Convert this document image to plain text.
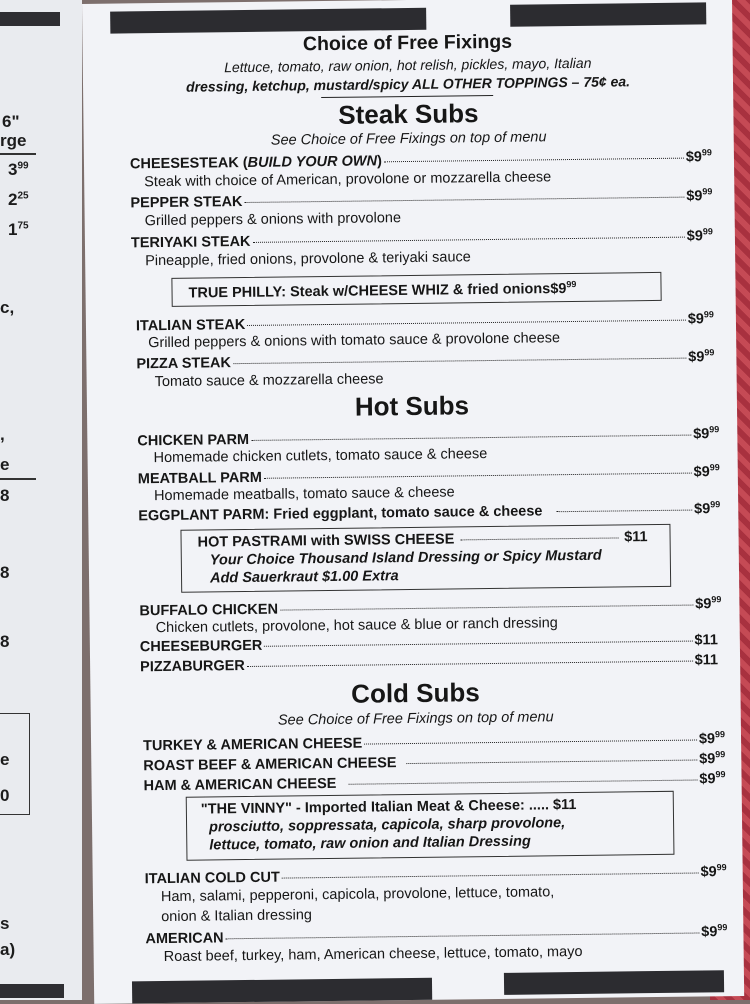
6"
rge
$3^{99}$
$2^{25}$
$1^{75}$
c,
,
e
8
8
8
e
0
s
a)
Choice of Free Fixings
Lettuce, tomato, raw onion, hot relish, pickles, mayo, Italian
dressing, ketchup, mustard/spicy ALL OTHER TOPPINGS – 75¢ ea.
Steak Subs
See Choice of Free Fixings on top of menu
CHEESESTEAK (BUILD YOUR OWN)	$\$9^{99}$
Steak with choice of American, provolone or mozzarella cheese
PEPPER STEAK	$\$9^{99}$
Grilled peppers & onions with provolone
TERIYAKI STEAK	$\$9^{99}$
Pineapple, fried onions, provolone & teriyaki sauce
TRUE PHILLY: Steak w/CHEESE WHIZ & fried $onions\$9^{99}$
ITALIAN STEAK	$\$9^{99}$
Grilled peppers & onions with tomato sauce & provolone cheese
PIZZA STEAK	$\$9^{99}$
Tomato sauce & mozzarella cheese
Hot Subs
CHICKEN PARM	$\$9^{99}$
Homemade chicken cutlets, tomato sauce & cheese
MEATBALL PARM	$\$9^{99}$
Homemade meatballs, tomato sauce & cheese
EGGPLANT PARM: Fried eggplant, tomato sauce & cheese	$\$9^{99}$
HOT PASTRAMI with SWISS CHEESE	$11
Your Choice Thousand Island Dressing or Spicy Mustard
Add Sauerkraut $1.00 Extra
BUFFALO CHICKEN	$\$9^{99}$
Chicken cutlets, provolone, hot sauce & blue or ranch dressing
CHEESEBURGER	$11
PIZZABURGER	$11
Cold Subs
See Choice of Free Fixings on top of menu
TURKEY & AMERICAN CHEESE	$\$9^{99}$
ROAST BEEF & AMERICAN CHEESE	$\$9^{99}$
HAM & AMERICAN CHEESE	$\$9^{99}$
"THE VINNY" - Imported Italian Meat & Cheese: ..... $11
prosciutto, soppressata, capicola, sharp provolone,
lettuce, tomato, raw onion and Italian Dressing
ITALIAN COLD CUT	$\$9^{99}$
Ham, salami, pepperoni, capicola, provolone, lettuce, tomato,
onion & Italian dressing
AMERICAN	$\$9^{99}$
Roast beef, turkey, ham, American cheese, lettuce, tomato, mayo
